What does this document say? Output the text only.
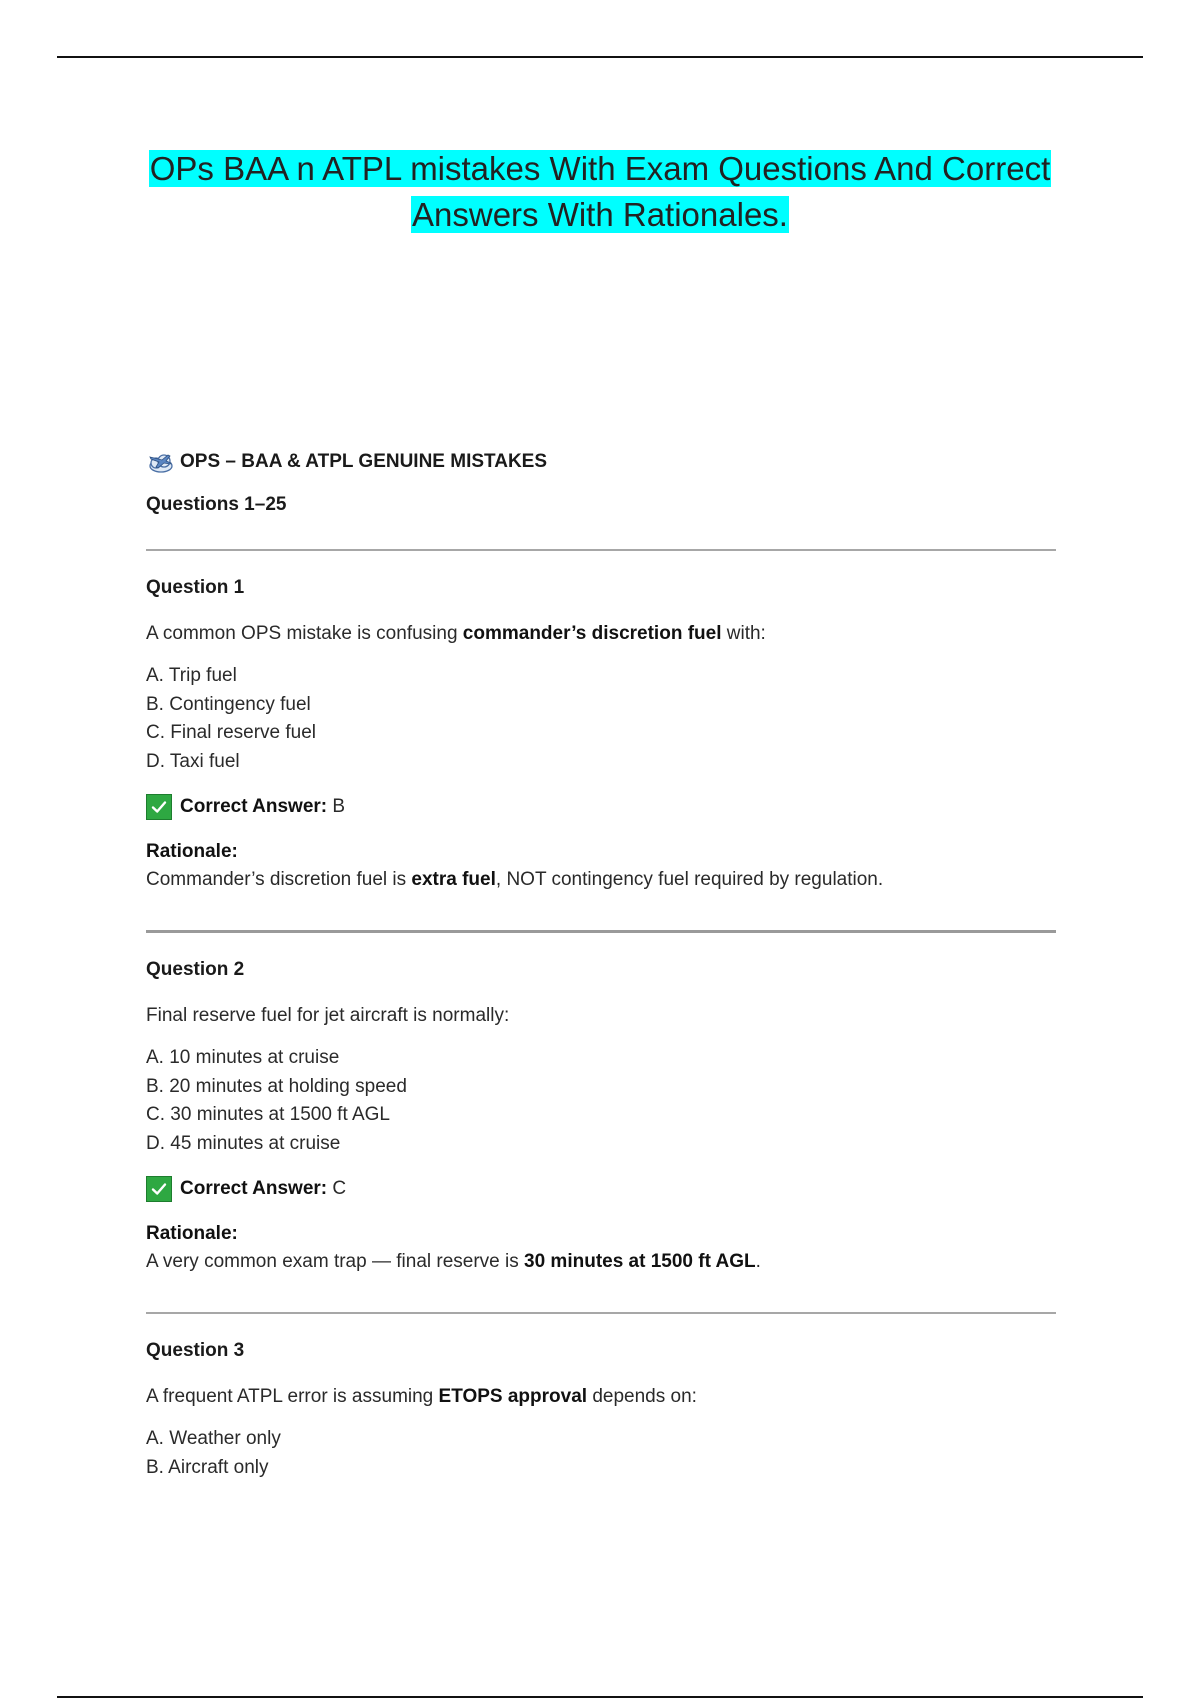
OPs BAA n ATPL mistakes With Exam Questions And Correct
Answers With Rationales.
OPS – BAA & ATPL GENUINE MISTAKES
Questions 1–25
Question 1
A common OPS mistake is confusing commander’s discretion fuel with:
A. Trip fuel
B. Contingency fuel
C. Final reserve fuel
D. Taxi fuel
Correct Answer:
B
Rationale:
Commander’s discretion fuel is extra fuel, NOT contingency fuel required by regulation.
Question 2
Final reserve fuel for jet aircraft is normally:
A. 10 minutes at cruise
B. 20 minutes at holding speed
C. 30 minutes at 1500 ft AGL
D. 45 minutes at cruise
Correct Answer:
C
Rationale:
A very common exam trap — final reserve is 30 minutes at 1500 ft AGL.
Question 3
A frequent ATPL error is assuming ETOPS approval depends on:
A. Weather only
B. Aircraft only
